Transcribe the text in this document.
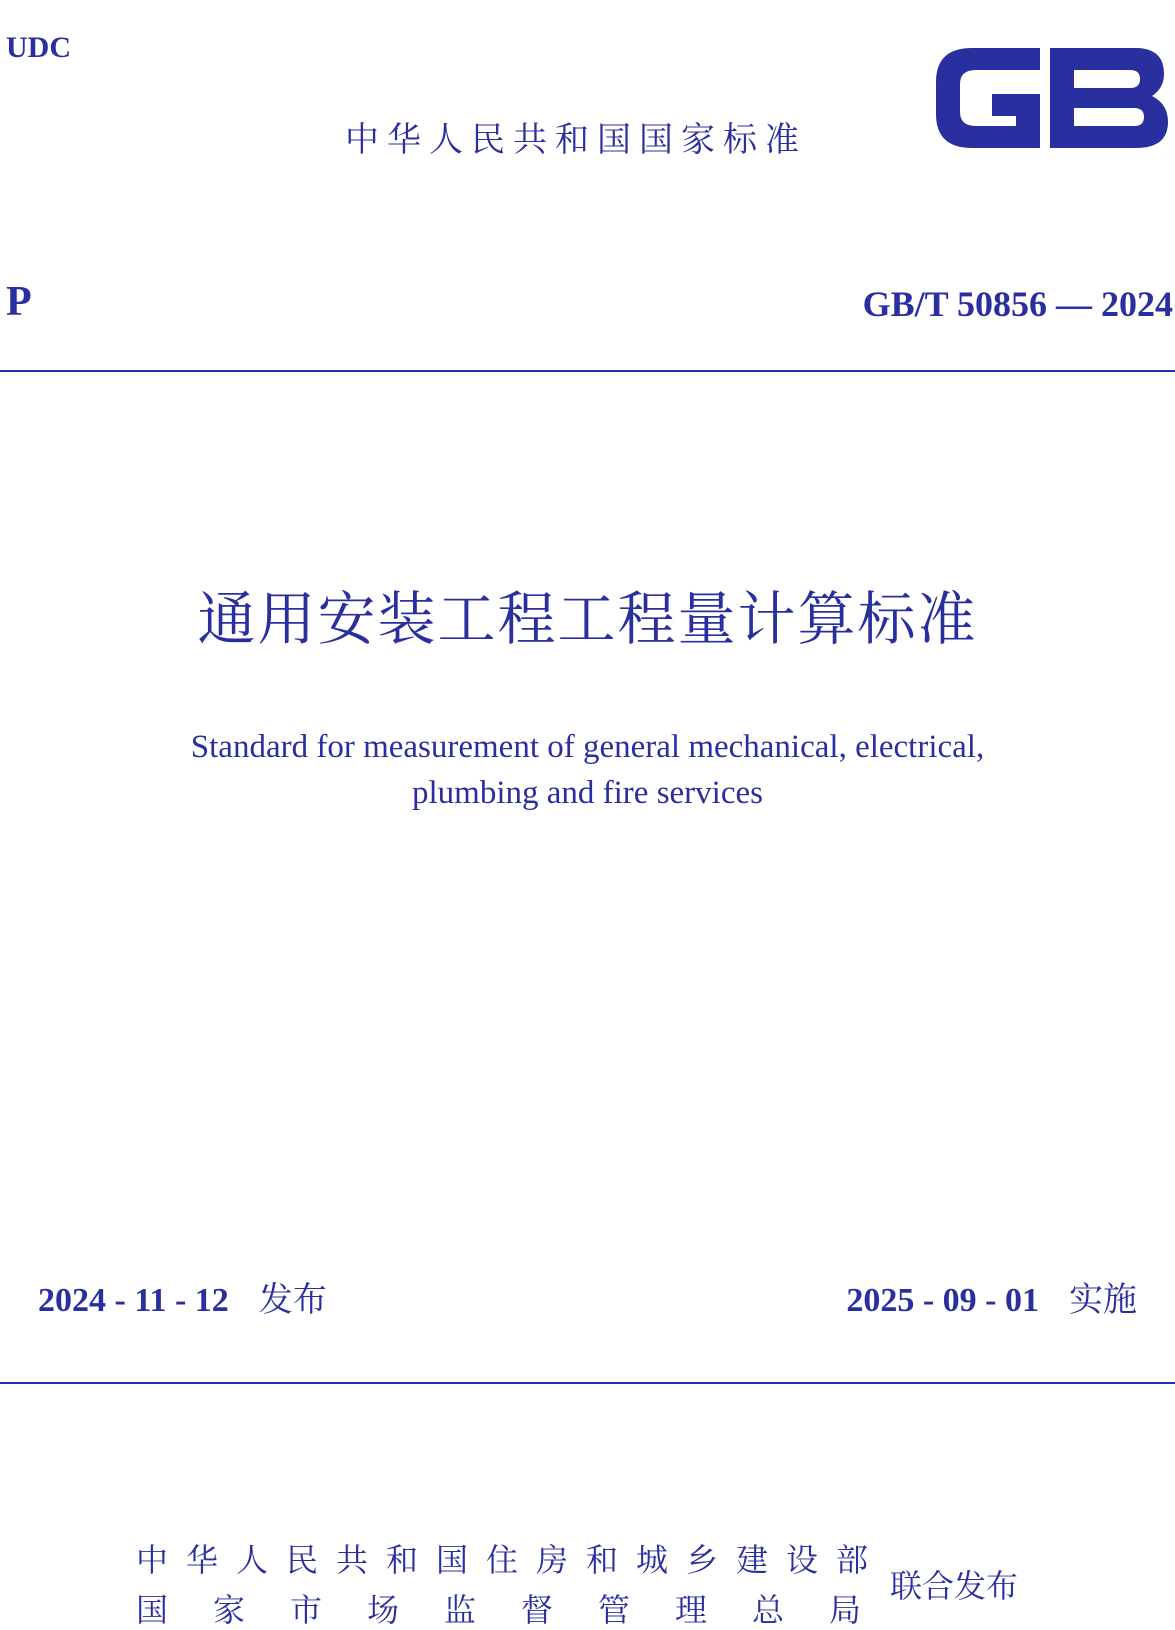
UDC
中华人民共和国国家标准
P	GB/T 50856 — 2024
通用安装工程工程量计算标准
Standard for measurement of general mechanical, electrical,
plumbing and fire services
2024 - 11 - 12 发布	2025 - 09 - 01 实施
中华人民共和国住房和城乡建设部
国家市场监督管理总局
联合发布
